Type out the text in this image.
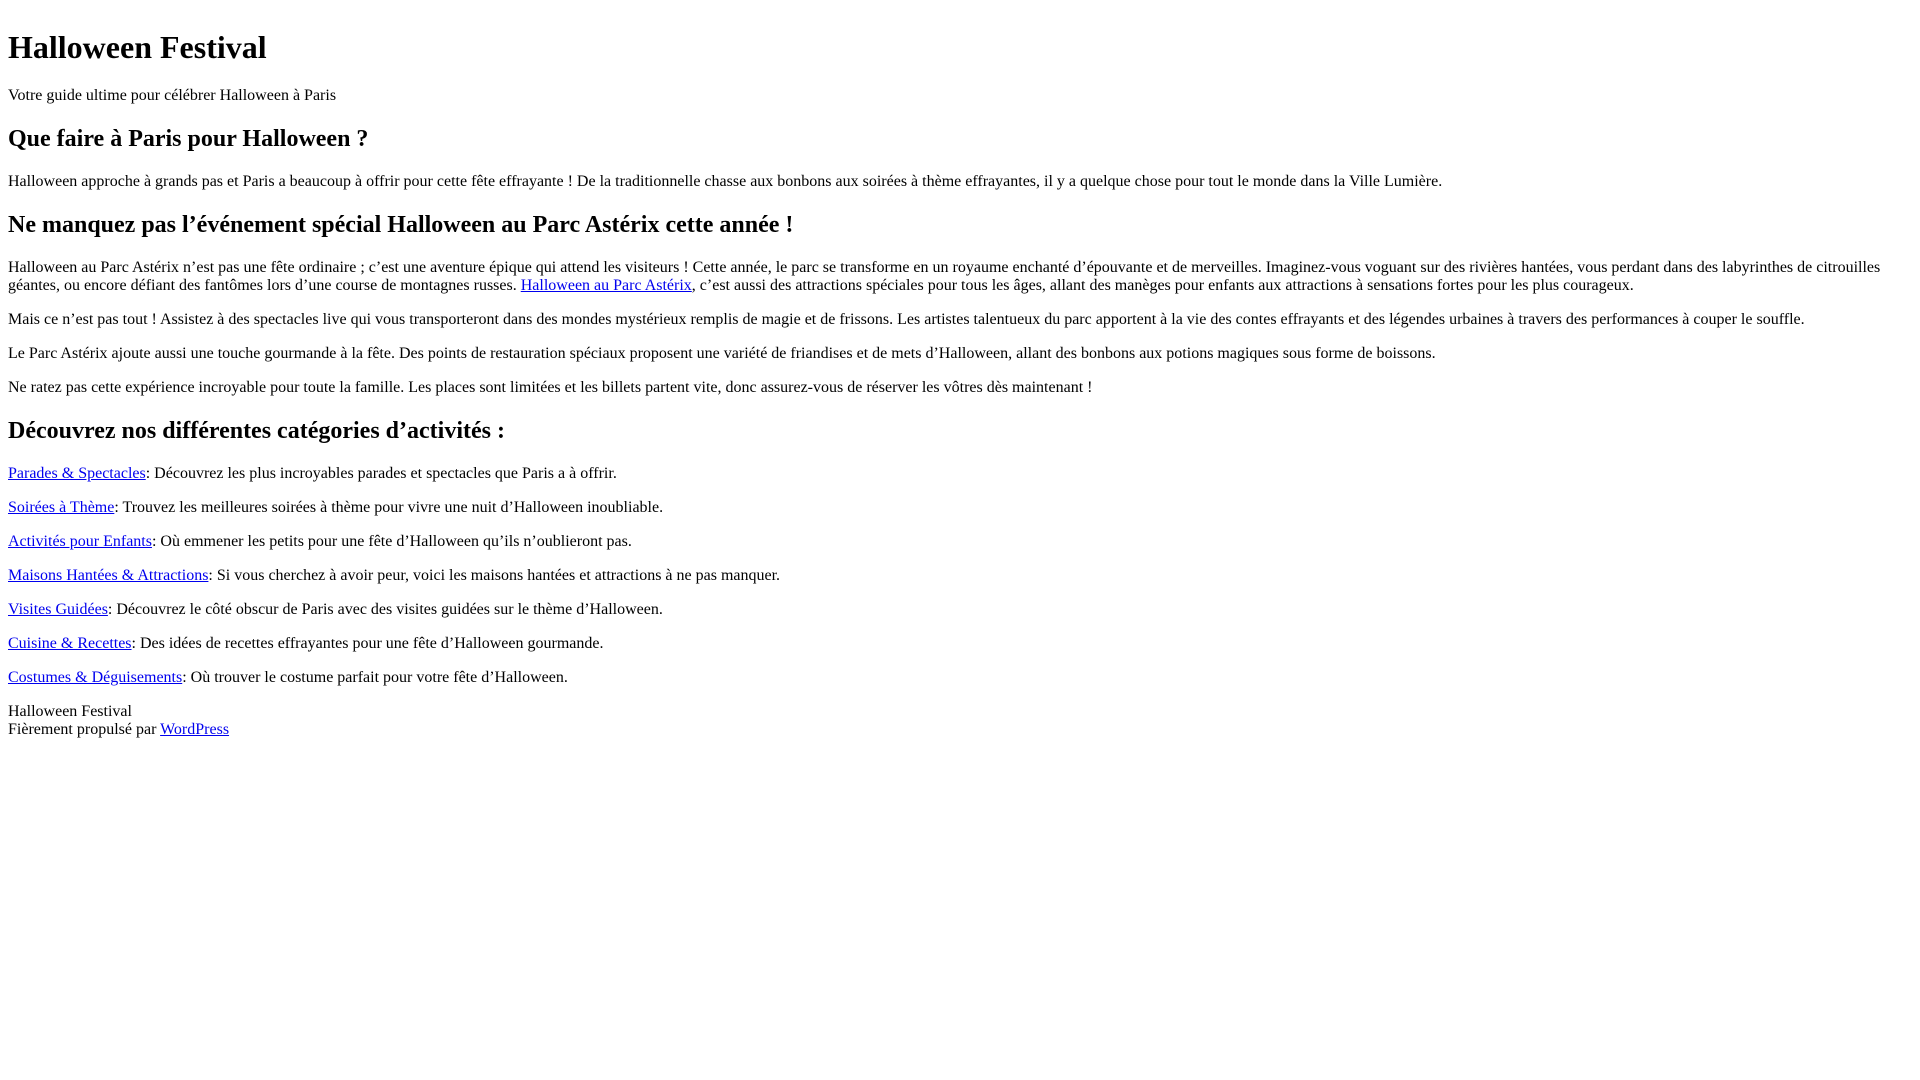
Halloween Festival

Votre guide ultime pour célébrer Halloween à Paris

Que faire à Paris pour Halloween ?

Halloween approche à grands pas et Paris a beaucoup à offrir pour cette fête effrayante ! De la traditionnelle chasse aux bonbons aux soirées à thème effrayantes, il y a quelque chose pour tout le monde dans la Ville Lumière.

Ne manquez pas l’événement spécial Halloween au Parc Astérix cette année !

Halloween au Parc Astérix n’est pas une fête ordinaire ; c’est une aventure épique qui attend les visiteurs ! Cette année, le parc se transforme en un royaume enchanté d’épouvante et de merveilles. Imaginez-vous voguant sur des rivières hantées, vous perdant dans des labyrinthes de citrouilles géantes, ou encore défiant des fantômes lors d’une course de montagnes russes. Halloween au Parc Astérix, c’est aussi des attractions spéciales pour tous les âges, allant des manèges pour enfants aux attractions à sensations fortes pour les plus courageux.

Mais ce n’est pas tout ! Assistez à des spectacles live qui vous transporteront dans des mondes mystérieux remplis de magie et de frissons. Les artistes talentueux du parc apportent à la vie des contes effrayants et des légendes urbaines à travers des performances à couper le souffle.

Le Parc Astérix ajoute aussi une touche gourmande à la fête. Des points de restauration spéciaux proposent une variété de friandises et de mets d’Halloween, allant des bonbons aux potions magiques sous forme de boissons.

Ne ratez pas cette expérience incroyable pour toute la famille. Les places sont limitées et les billets partent vite, donc assurez-vous de réserver les vôtres dès maintenant !

Découvrez nos différentes catégories d’activités :

Parades & Spectacles: Découvrez les plus incroyables parades et spectacles que Paris a à offrir.

Soirées à Thème: Trouvez les meilleures soirées à thème pour vivre une nuit d’Halloween inoubliable.

Activités pour Enfants: Où emmener les petits pour une fête d’Halloween qu’ils n’oublieront pas.

Maisons Hantées & Attractions: Si vous cherchez à avoir peur, voici les maisons hantées et attractions à ne pas manquer.

Visites Guidées: Découvrez le côté obscur de Paris avec des visites guidées sur le thème d’Halloween.

Cuisine & Recettes: Des idées de recettes effrayantes pour une fête d’Halloween gourmande.

Costumes & Déguisements: Où trouver le costume parfait pour votre fête d’Halloween.

Halloween Festival
Fièrement propulsé par WordPress
